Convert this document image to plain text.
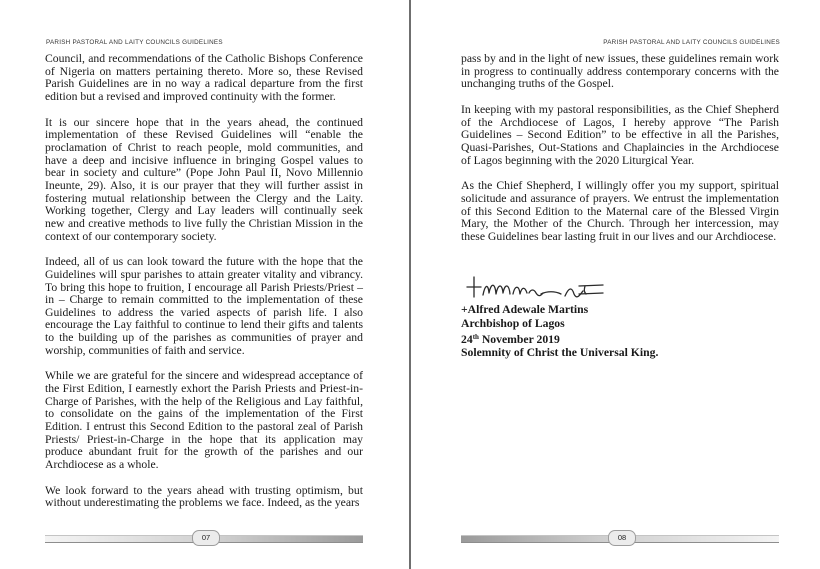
PARISH PASTORAL AND LAITY COUNCILS GUIDELINES

Council, and recommendations of the Catholic Bishops Conference of Nigeria on matters pertaining thereto. More so, these Revised Parish Guidelines are in no way a radical departure from the first edition but a revised and improved continuity with the former.

It is our sincere hope that in the years ahead, the continued implementation of these Revised Guidelines will “enable the proclamation of Christ to reach people, mold communities, and have a deep and incisive influence in bringing Gospel values to bear in society and culture” (Pope John Paul II, Novo Millennio Ineunte, 29). Also, it is our prayer that they will further assist in fostering mutual relationship between the Clergy and the Laity. Working together, Clergy and Lay leaders will continually seek new and creative methods to live fully the Christian Mission in the context of our contemporary society.

Indeed, all of us can look toward the future with the hope that the Guidelines will spur parishes to attain greater vitality and vibrancy. To bring this hope to fruition, I encourage all Parish Priests/Priest – in – Charge to remain committed to the implementation of these Guidelines to address the varied aspects of parish life. I also encourage the Lay faithful to continue to lend their gifts and talents to the building up of the parishes as communities of prayer and worship, communities of faith and service.

While we are grateful for the sincere and widespread acceptance of the First Edition, I earnestly exhort the Parish Priests and Priest-in-Charge of Parishes, with the help of the Religious and Lay faithful, to consolidate on the gains of the implementation of the First Edition. I entrust this Second Edition to the pastoral zeal of Parish Priests/ Priest-in-Charge in the hope that its application may produce abundant fruit for the growth of the parishes and our Archdiocese as a whole.

We look forward to the years ahead with trusting optimism, but without underestimating the problems we face. Indeed, as the years

07
PARISH PASTORAL AND LAITY COUNCILS GUIDELINES

pass by and in the light of new issues, these guidelines remain work in progress to continually address contemporary concerns with the unchanging truths of the Gospel.

In keeping with my pastoral responsibilities, as the Chief Shepherd of the Archdiocese of Lagos, I hereby approve “The Parish Guidelines – Second Edition” to be effective in all the Parishes, Quasi-Parishes, Out-Stations and Chaplaincies in the Archdiocese of Lagos beginning with the 2020 Liturgical Year.

As the Chief Shepherd, I willingly offer you my support, spiritual solicitude and assurance of prayers. We entrust the implementation of this Second Edition to the Maternal care of the Blessed Virgin Mary, the Mother of the Church. Through her intercession, may these Guidelines bear lasting fruit in our lives and our Archdiocese.

+Alfred Adewale Martins
Archbishop of Lagos
24th November 2019
Solemnity of Christ the Universal King.
08
